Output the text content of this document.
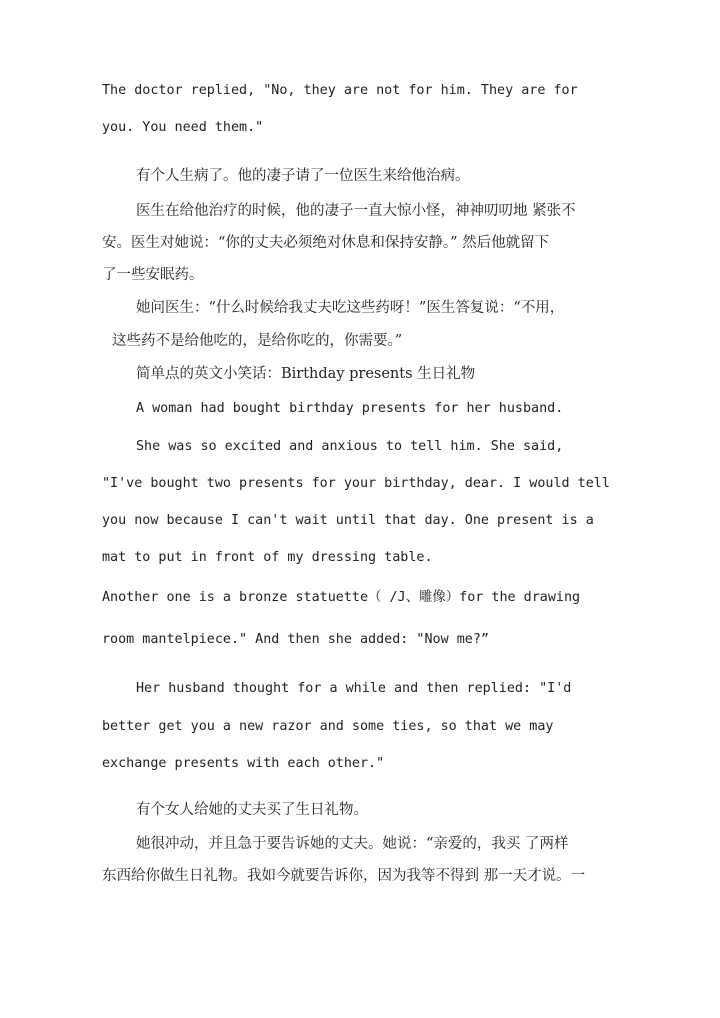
The doctor replied, "No, they are not for him. They are for
you. You need them."
有个人生病了。他的凄子请了一位医生来给他治病。
医生在给他治疗的时候，他的凄子一直大惊小怪，神神叨叨地 紧张不
安。医生对她说：“你的丈夫必须绝对休息和保持安静。” 然后他就留下
了一些安眠药。
她问医生：“什么时候给我丈夫吃这些药呀！”医生答复说：“不用，
这些药不是给他吃的，是给你吃的，你需要。”
简单点的英文小笑话：Birthday presents 生日礼物
A woman had bought birthday presents for her husband.
She was so excited and anxious to tell him. She said,
"I've bought two presents for your birthday, dear. I would tell
you now because I can't wait until that day. One present is a
mat to put in front of my dressing table.
Another one is a bronze statuette（ /J、雕像）for the drawing
room mantelpiece." And then she added: "Now me?”
Her husband thought for a while and then replied: "I'd
better get you a new razor and some ties, so that we may
exchange presents with each other."
有个女人给她的丈夫买了生日礼物。
她很冲动，并且急于要告诉她的丈夫。她说：“亲爱的，我买 了两样
东西给你做生日礼物。我如今就要告诉你，因为我等不得到 那一天才说。一
